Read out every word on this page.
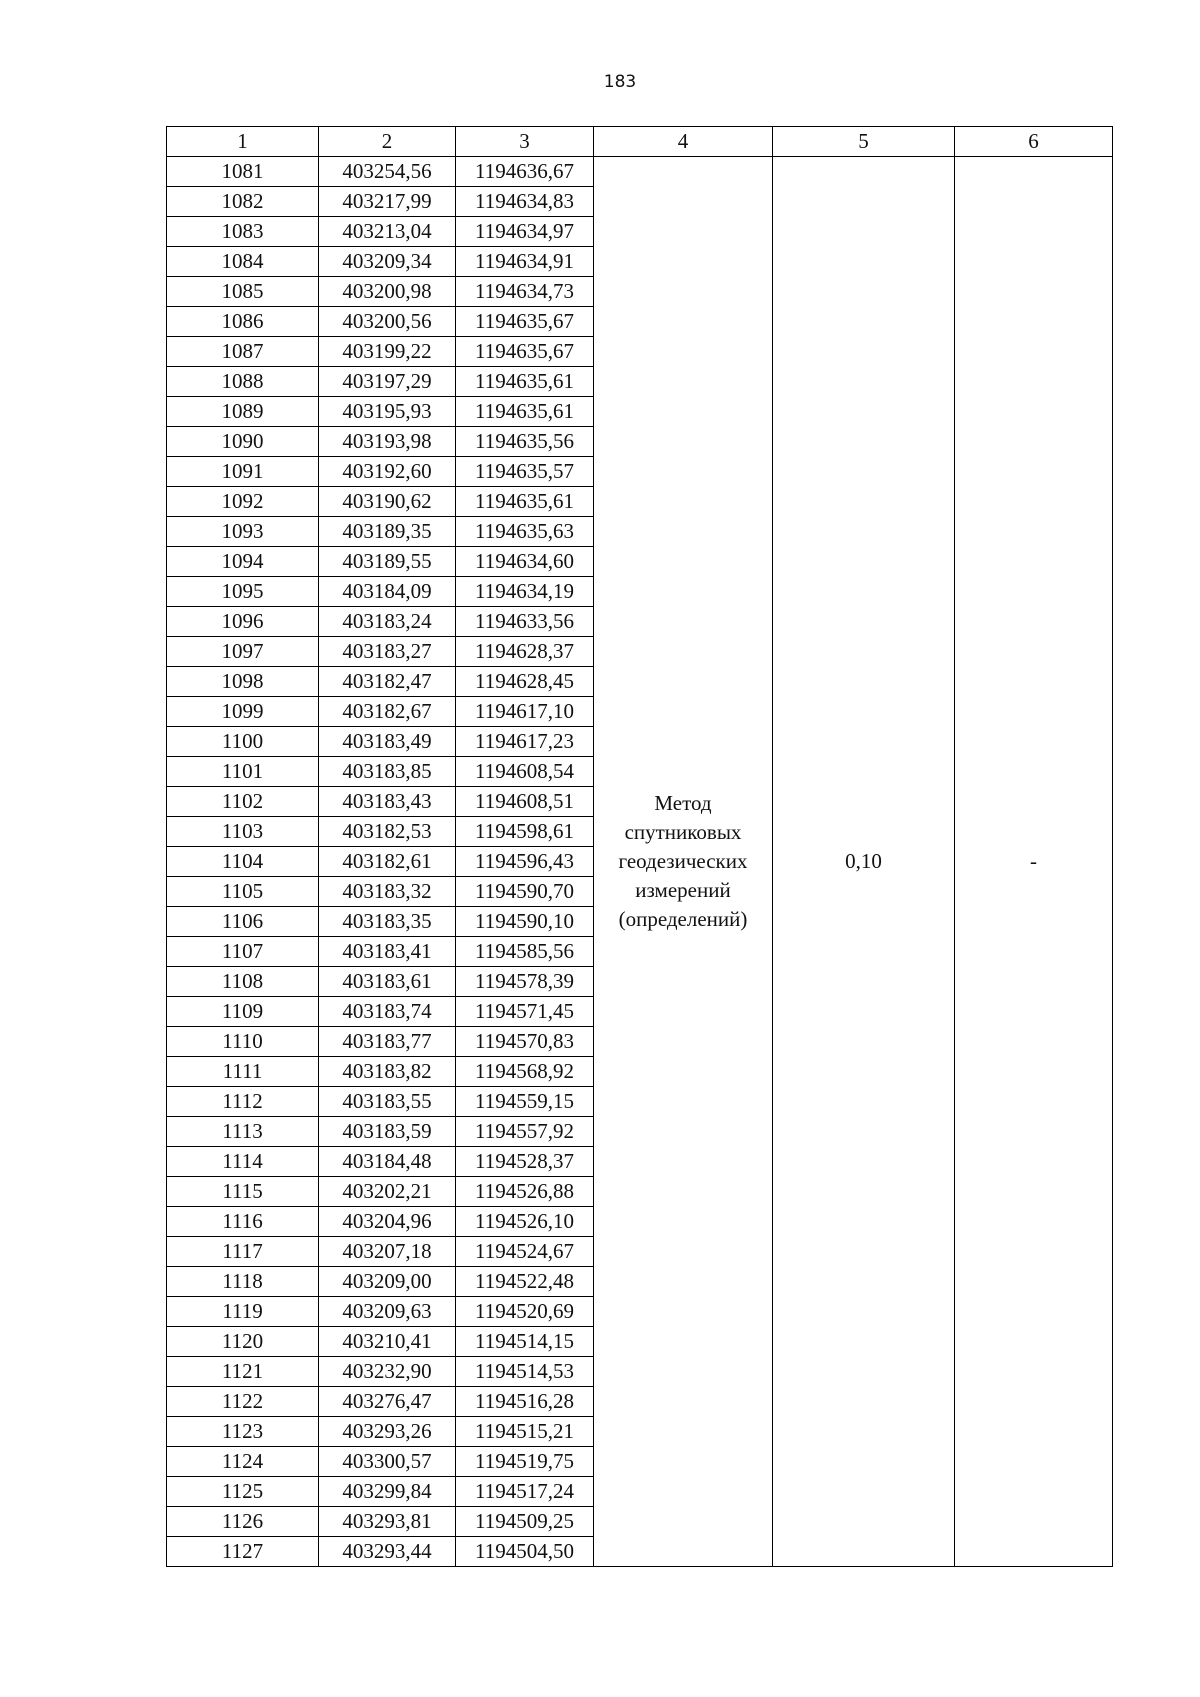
183
1	2	3	4	5	6
1081	403254,56	1194636,67	Метод
спутниковых
геодезических
измерений
(определений)	0,10	-
1082	403217,99	1194634,83			
1083	403213,04	1194634,97			
1084	403209,34	1194634,91			
1085	403200,98	1194634,73			
1086	403200,56	1194635,67			
1087	403199,22	1194635,67			
1088	403197,29	1194635,61			
1089	403195,93	1194635,61			
1090	403193,98	1194635,56			
1091	403192,60	1194635,57			
1092	403190,62	1194635,61			
1093	403189,35	1194635,63			
1094	403189,55	1194634,60			
1095	403184,09	1194634,19			
1096	403183,24	1194633,56			
1097	403183,27	1194628,37			
1098	403182,47	1194628,45			
1099	403182,67	1194617,10			
1100	403183,49	1194617,23			
1101	403183,85	1194608,54			
1102	403183,43	1194608,51			
1103	403182,53	1194598,61			
1104	403182,61	1194596,43			
1105	403183,32	1194590,70			
1106	403183,35	1194590,10			
1107	403183,41	1194585,56			
1108	403183,61	1194578,39			
1109	403183,74	1194571,45			
1110	403183,77	1194570,83			
1111	403183,82	1194568,92			
1112	403183,55	1194559,15			
1113	403183,59	1194557,92			
1114	403184,48	1194528,37			
1115	403202,21	1194526,88			
1116	403204,96	1194526,10			
1117	403207,18	1194524,67			
1118	403209,00	1194522,48			
1119	403209,63	1194520,69			
1120	403210,41	1194514,15			
1121	403232,90	1194514,53			
1122	403276,47	1194516,28			
1123	403293,26	1194515,21			
1124	403300,57	1194519,75			
1125	403299,84	1194517,24			
1126	403293,81	1194509,25			
1127	403293,44	1194504,50			
